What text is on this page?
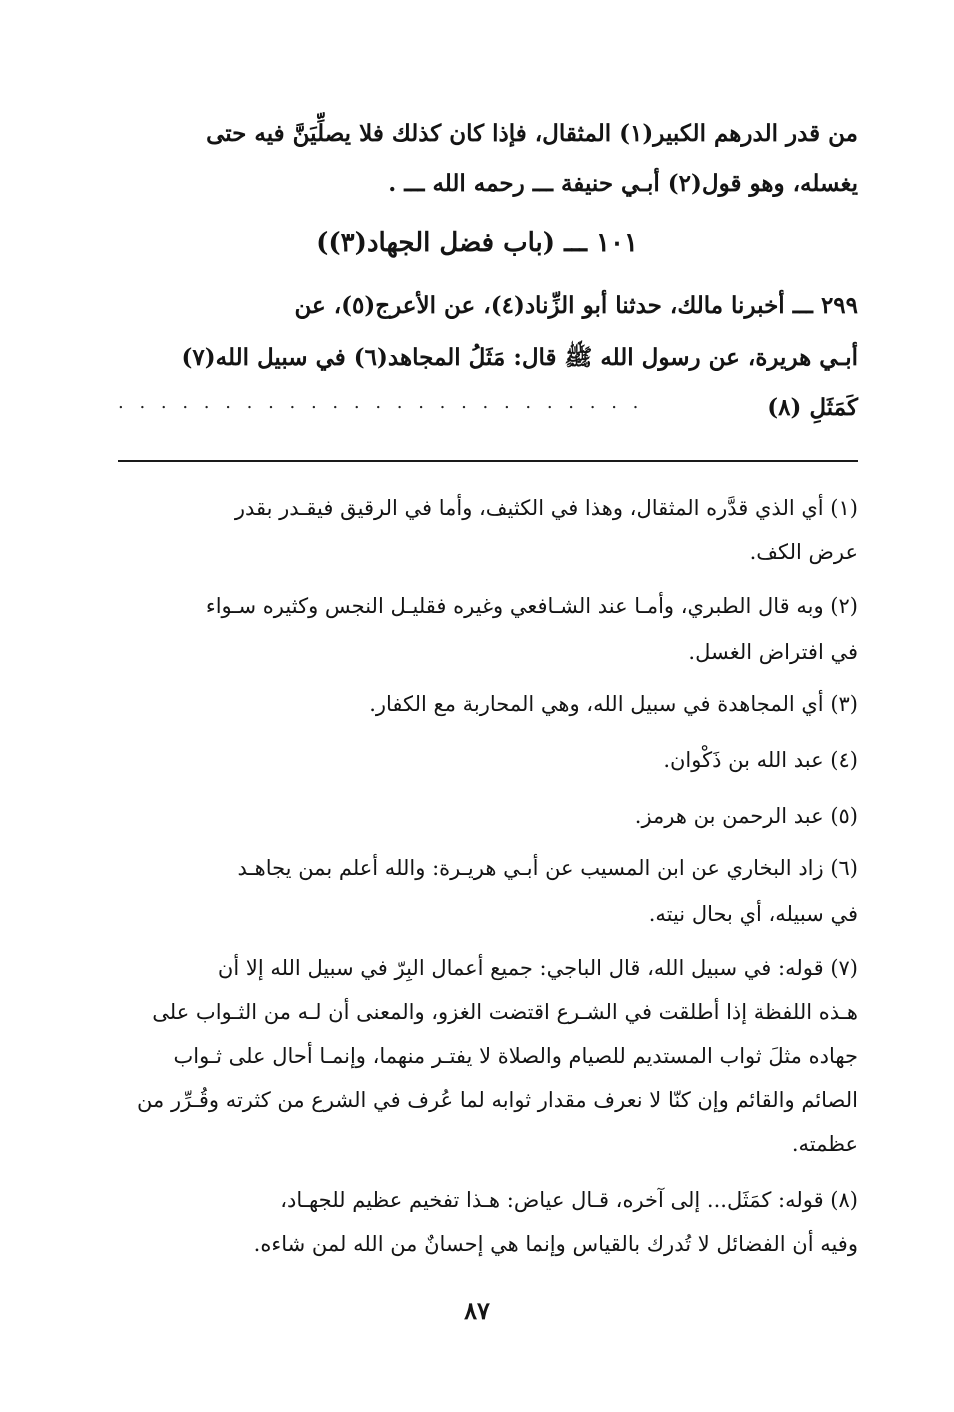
من قدر الدرهم الكبير(١) المثقال، فإذا كان كذلك فلا يصلِّيَنَّ فيه حتى
يغسله، وهو قول(٢) أبـي حنيفة ـــ رحمه الله ـــ .
١٠١ ـــ (باب فضل الجهاد(٣))
٢٩٩ ـــ أخبرنا مالك، حدثنا أبو الزِّناد(٤)، عن الأعرج(٥)، عن
أبـي هريرة، عن رسول الله ﷺ قال: مَثَلُ المجاهد(٦) في سبيل الله(٧)
كَمَثَلِ (٨)
. . . . . . . . . . . . . . . . . . . . . . . . .
(١) أي الذي قدَّره المثقال، وهذا في الكثيف، وأما في الرقيق فيقـدر بقدر
عرض الكف.
(٢) وبه قال الطبري، وأمـا عند الشـافعي وغيره فقليـل النجس وكثيره سـواء
في افتراض الغسل.
(٣) أي المجاهدة في سبيل الله، وهي المحاربة مع الكفار.
(٤) عبد الله بن ذَكْوان.
(٥) عبد الرحمن بن هرمز.
(٦) زاد البخاري عن ابن المسيب عن أبـي هريـرة: والله أعلم بمن يجاهـد
في سبيله، أي بحال نيته.
(٧) قوله: في سبيل الله، قال الباجي: جميع أعمال البِرّ في سبيل الله إلا أن
هـذه اللفظة إذا أطلقت في الشـرع اقتضت الغزو، والمعنى أن لـه من الثـواب على
جهاده مثلَ ثواب المستديم للصيام والصلاة لا يفتـر منهما، وإنمـا أحال على ثـواب
الصائم والقائم وإن كنّا لا نعرف مقدار ثوابه لما عُرف في الشرع من كثرته وقُـرِّر من
عظمته.
(٨) قوله: كمَثَل... إلى آخره، قـال عياض: هـذا تفخيم عظيم للجهـاد،
وفيه أن الفضائل لا تُدرك بالقياس وإنما هي إحسانٌ من الله لمن شاءه.
٨٧
